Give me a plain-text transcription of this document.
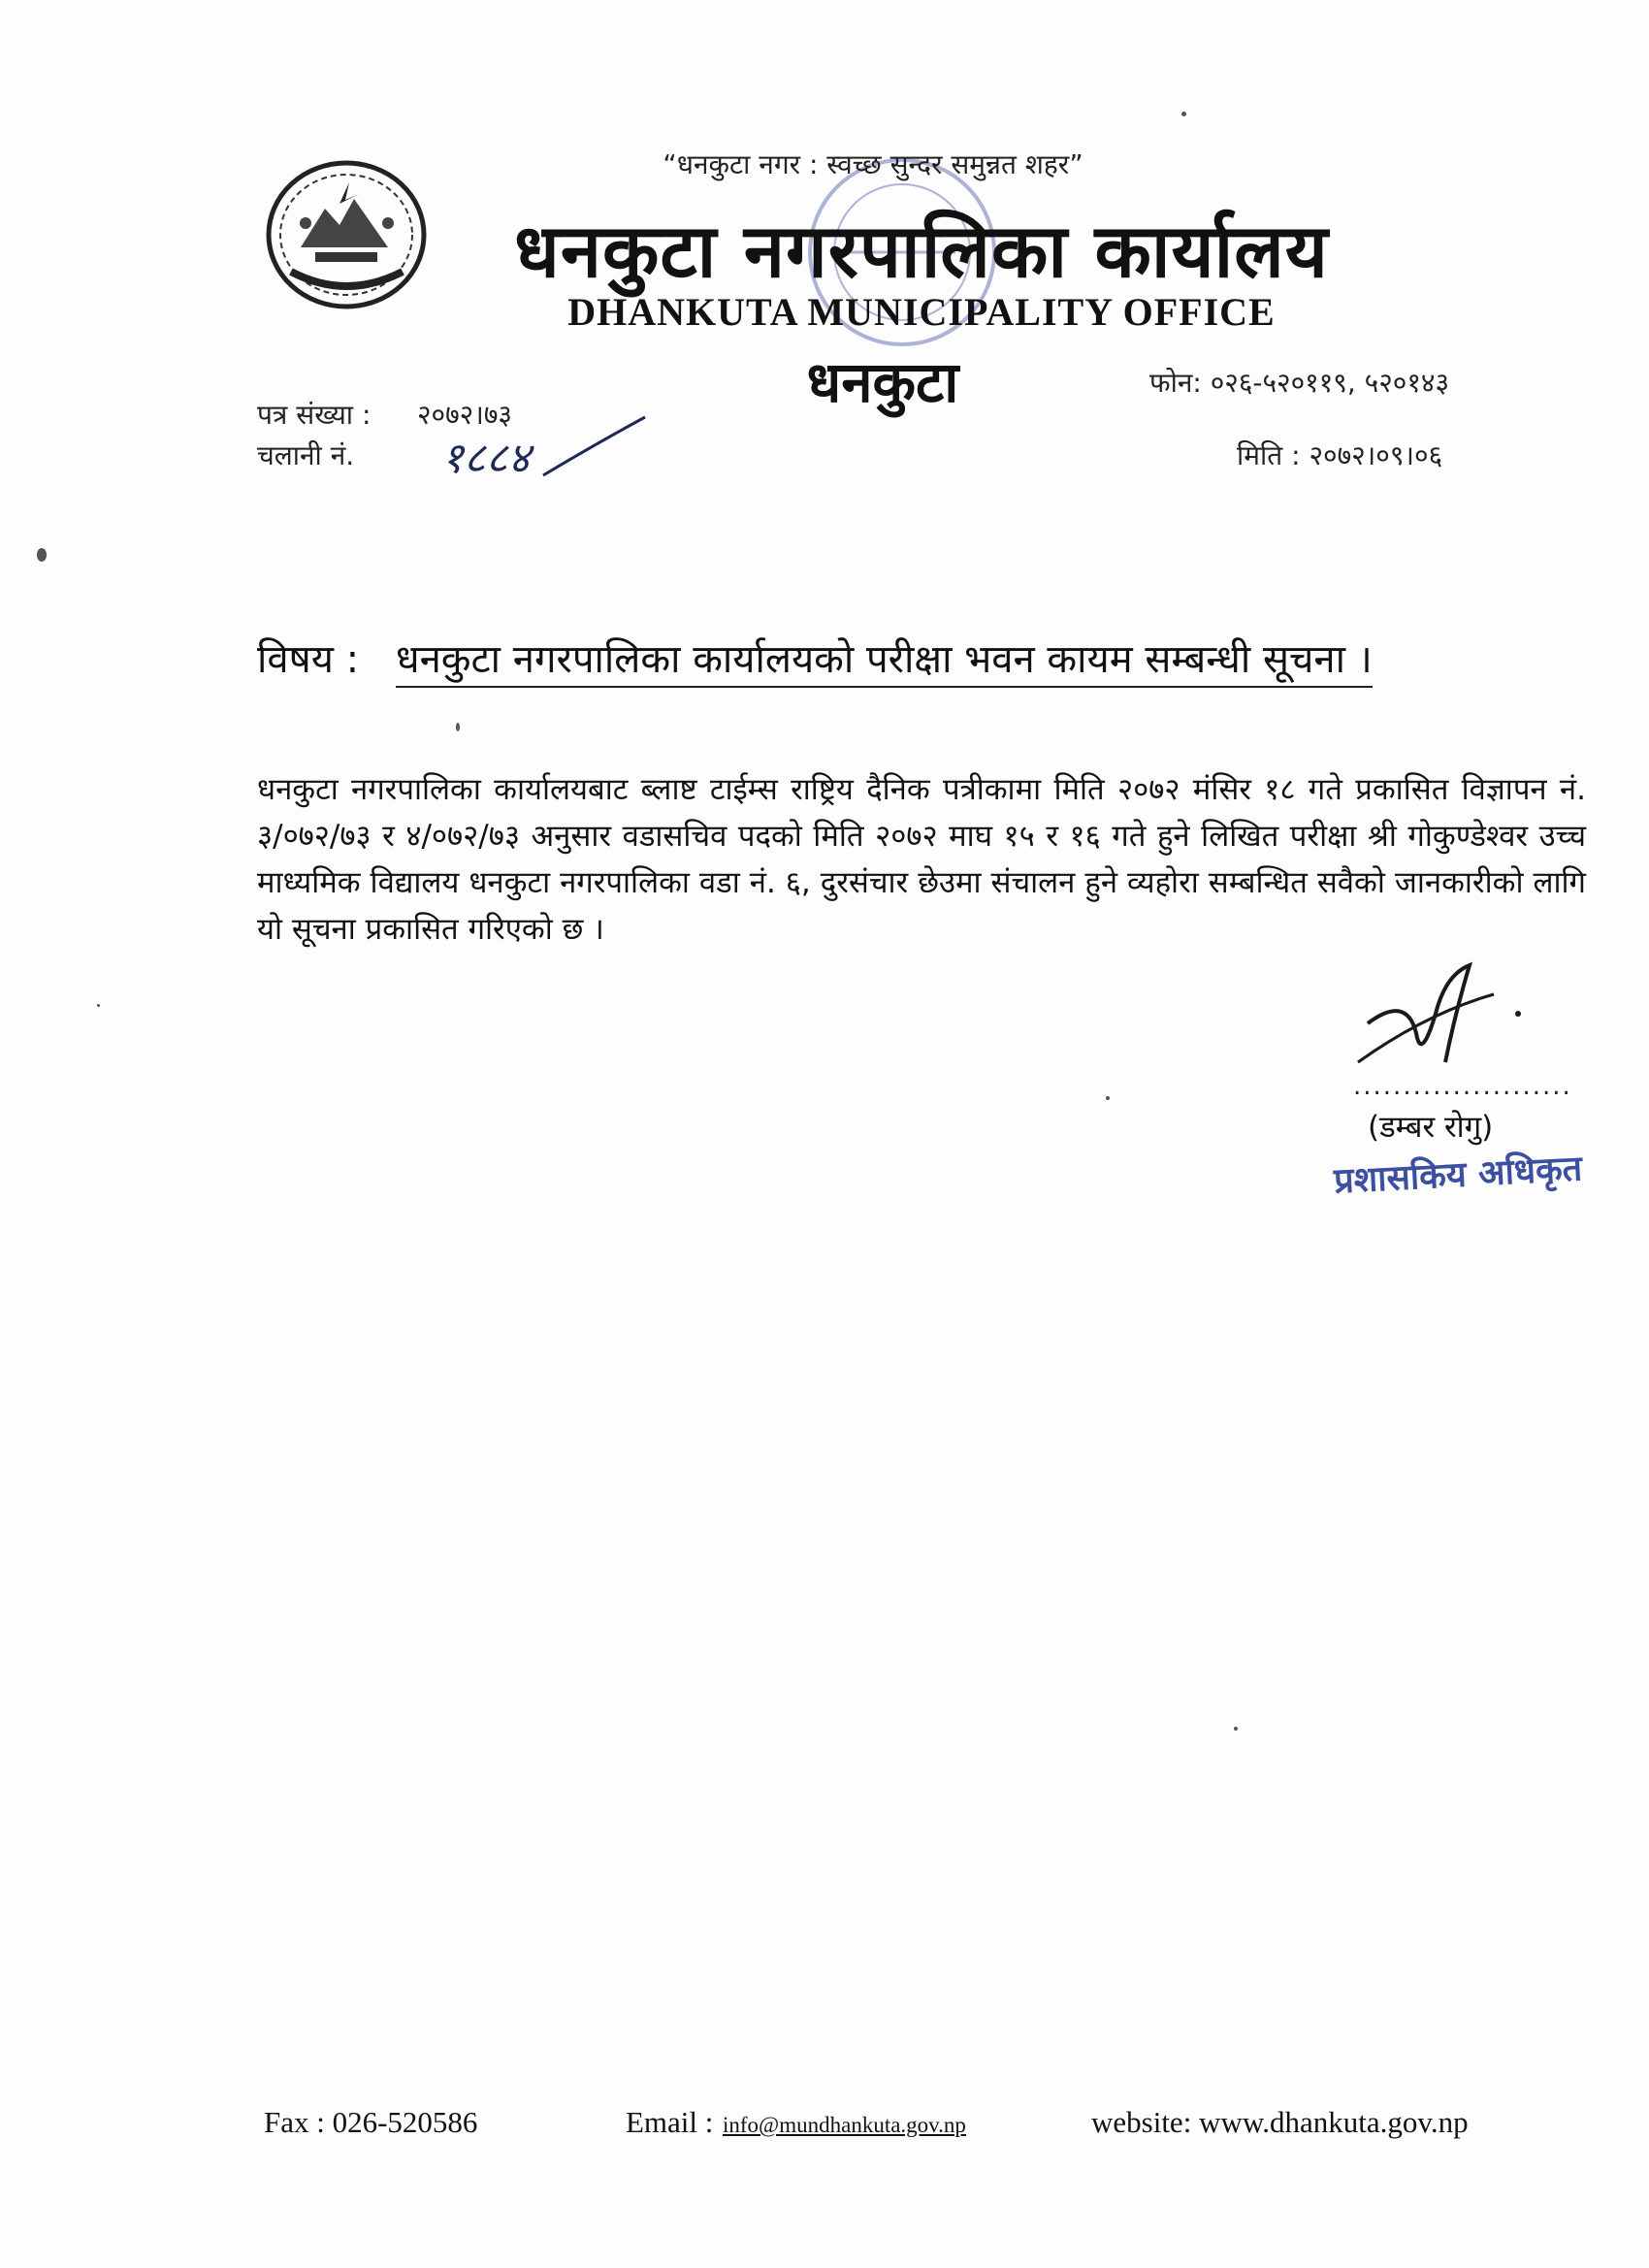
“धनकुटा नगर : स्वच्छ सुन्दर समुन्नत शहर”
धनकुटा नगरपालिका कार्यालय
DHANKUTA MUNICIPALITY OFFICE
धनकुटा
पत्र संख्या : २०७२।७३
चलानी नं. १८८४
फोन: ०२६-५२०११९, ५२०१४३
मिति : २०७२।०९।०६
विषय : धनकुटा नगरपालिका कार्यालयको परीक्षा भवन कायम सम्बन्धी सूचना ।
धनकुटा नगरपालिका कार्यालयबाट ब्लाष्ट टाईम्स राष्ट्रिय दैनिक पत्रीकामा मिति २०७२ मंसिर १८ गते प्रकासित विज्ञापन नं. ३/०७२/७३ र ४/०७२/७३ अनुसार वडासचिव पदको मिति २०७२ माघ १५ र १६ गते हुने लिखित परीक्षा श्री गोकुण्डेश्वर उच्च माध्यमिक विद्यालय धनकुटा नगरपालिका वडा नं. ६, दुरसंचार छेउमा संचालन हुने व्यहोरा सम्बन्धित सवैको जानकारीको लागि यो सूचना प्रकासित गरिएको छ ।
......................
(डम्बर रोगु)
प्रशासकिय अधिकृत
Fax : 026-520586	Email : info@mundhankuta.gov.np	website: www.dhankuta.gov.np
